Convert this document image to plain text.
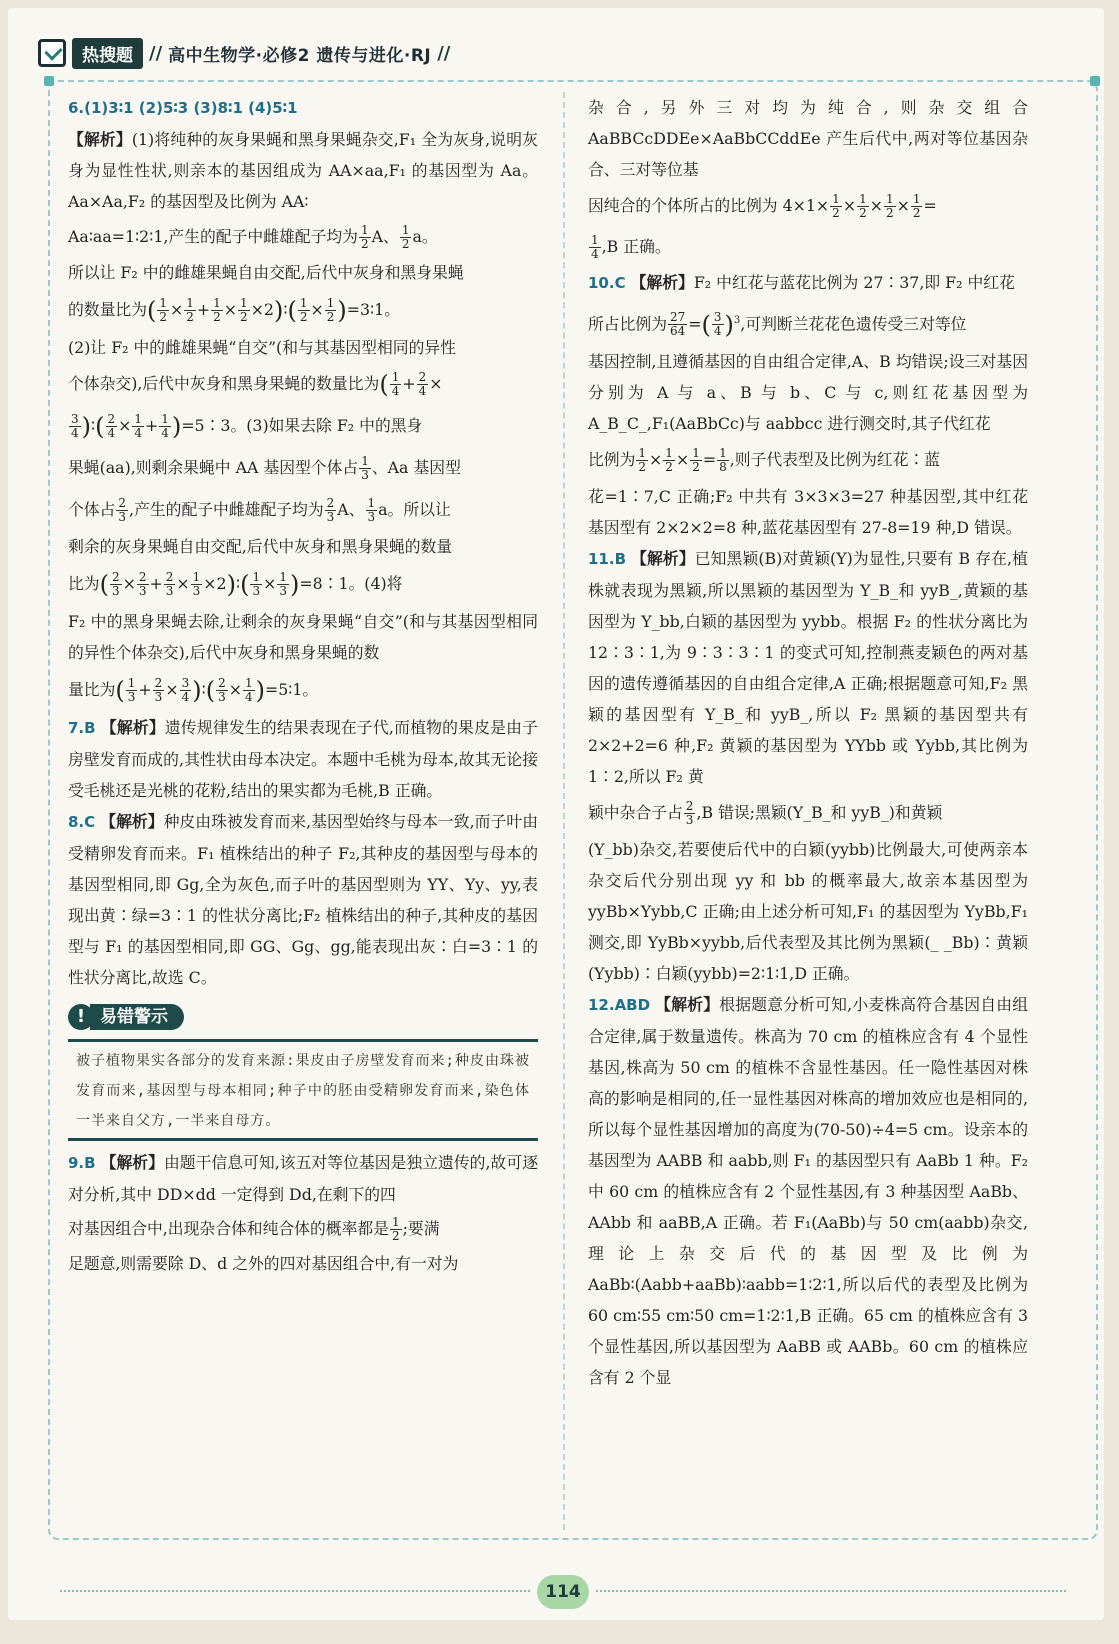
热搜题 // 高中生物学·必修2 遗传与进化·RJ //

6.(1)3∶1 (2)5∶3 (3)8∶1 (4)5∶1

【解析】(1)将纯种的灰身果蝇和黑身果蝇杂交,F₁ 全为灰身,说明灰身为显性性状,则亲本的基因组成为 AA×aa,F₁ 的基因型为 Aa。Aa×Aa,F₂ 的基因型及比例为 AA∶

Aa∶aa=1∶2∶1,产生的配子中雌雄配子均为 $\frac{1}{2}$ A、 $\frac{1}{2}$ a。

所以让 F₂ 中的雌雄果蝇自由交配,后代中灰身和黑身果蝇

的数量比为( $\frac{1}{2} \times \frac{1}{2} + \frac{1}{2} \times \frac{1}{2}$ ×2)∶( $\frac{1}{2} \times \frac{1}{2}$ )=3∶1。

(2)让 F₂ 中的雌雄果蝇“自交”(和与其基因型相同的异性

个体杂交),后代中灰身和黑身果蝇的数量比为( $\frac{1}{4} + \frac{2}{4}$ ×

$\frac{3}{4}$ )∶( $\frac{2}{4} \times \frac{1}{4} + \frac{1}{4}$ )=5∶3。(3)如果去除 F₂ 中的黑身

果蝇(aa),则剩余果蝇中 AA 基因型个体占 $\frac{1}{3}$ 、Aa 基因型

个体占 $\frac{2}{3}$ ,产生的配子中雌雄配子均为 $\frac{2}{3}$ A、 $\frac{1}{3}$ a。所以让

剩余的灰身果蝇自由交配,后代中灰身和黑身果蝇的数量

比为( $\frac{2}{3} \times \frac{2}{3} + \frac{2}{3} \times \frac{1}{3}$ ×2)∶( $\frac{1}{3} \times \frac{1}{3}$ )=8∶1。(4)将

F₂ 中的黑身果蝇去除,让剩余的灰身果蝇“自交”(和与其基因型相同的异性个体杂交),后代中灰身和黑身果蝇的数

量比为( $\frac{1}{3} + \frac{2}{3} \times \frac{3}{4}$ )∶( $\frac{2}{3} \times \frac{1}{4}$ )=5∶1。

7.B 【解析】遗传规律发生的结果表现在子代,而植物的果皮是由子房壁发育而成的,其性状由母本决定。本题中毛桃为母本,故其无论接受毛桃还是光桃的花粉,结出的果实都为毛桃,B 正确。

8.C 【解析】种皮由珠被发育而来,基因型始终与母本一致,而子叶由受精卵发育而来。F₁ 植株结出的种子 F₂,其种皮的基因型与母本的基因型相同,即 Gg,全为灰色,而子叶的基因型则为 YY、Yy、yy,表现出黄∶绿=3∶1 的性状分离比;F₂ 植株结出的种子,其种皮的基因型与 F₁ 的基因型相同,即 GG、Gg、gg,能表现出灰∶白=3∶1 的性状分离比,故选 C。

! 易错警示
被子植物果实各部分的发育来源:果皮由子房壁发育而来;种皮由珠被发育而来,基因型与母本相同;种子中的胚由受精卵发育而来,染色体一半来自父方,一半来自母方。

9.B 【解析】由题干信息可知,该五对等位基因是独立遗传的,故可逐对分析,其中 DD×dd 一定得到 Dd,在剩下的四

对基因组合中,出现杂合体和纯合体的概率都是 $\frac{1}{2}$ ;要满

足题意,则需要除 D、d 之外的四对基因组合中,有一对为

杂合,另外三对均为纯合,则杂交组合 AaBBCcDDEe×AaBbCCddEe 产生后代中,两对等位基因杂合、三对等位基

因纯合的个体所占的比例为 $4\times 1\times \frac{1}{2} \times \frac{1}{2} \times \frac{1}{2} \times \frac{1}{2}$ =

$\frac{1}{4} ,B$ 正确。

10.C 【解析】F₂ 中红花与蓝花比例为 27∶37,即 F₂ 中红花

所占比例为 $\frac{27}{64}$ =( $\frac{3}{4} )^3$,可判断兰花花色遗传受三对等位

基因控制,且遵循基因的自由组合定律,A、B 均错误;设三对基因分别为 A 与 a、B 与 b、C 与 c,则红花基因型为 A_B_C_,F₁(AaBbCc)与 aabbcc 进行测交时,其子代红花

比例为 $\frac{1}{2} \times \frac{1}{2} \times \frac{1}{2} = \frac{1}{8}$ ,则子代表型及比例为红花∶蓝

花=1∶7,C 正确;F₂ 中共有 3×3×3=27 种基因型,其中红花基因型有 2×2×2=8 种,蓝花基因型有 27-8=19 种,D 错误。

11.B 【解析】已知黑颖(B)对黄颖(Y)为显性,只要有 B 存在,植株就表现为黑颖,所以黑颖的基因型为 Y_B_和 yyB_,黄颖的基因型为 Y_bb,白颖的基因型为 yybb。根据 F₂ 的性状分离比为 12∶3∶1,为 9∶3∶3∶1 的变式可知,控制燕麦颖色的两对基因的遗传遵循基因的自由组合定律,A 正确;根据题意可知,F₂ 黑颖的基因型有 Y_B_和 yyB_,所以 F₂ 黑颖的基因型共有 2×2+2=6 种,F₂ 黄颖的基因型为 YYbb 或 Yybb,其比例为 1∶2,所以 F₂ 黄

颖中杂合子占 $\frac{2}{3} ,B$ 错误;黑颖(Y_B_和 yyB_)和黄颖

(Y_bb)杂交,若要使后代中的白颖(yybb)比例最大,可使两亲本杂交后代分别出现 yy 和 bb 的概率最大,故亲本基因型为 yyBb×Yybb,C 正确;由上述分析可知,F₁ 的基因型为 YyBb,F₁ 测交,即 YyBb×yybb,后代表型及其比例为黑颖(_ _Bb)∶黄颖(Yybb)∶白颖(yybb)=2∶1∶1,D 正确。

12.ABD 【解析】根据题意分析可知,小麦株高符合基因自由组合定律,属于数量遗传。株高为 70 cm 的植株应含有 4 个显性基因,株高为 50 cm 的植株不含显性基因。任一隐性基因对株高的影响是相同的,任一显性基因对株高的增加效应也是相同的,所以每个显性基因增加的高度为(70-50)÷4=5 cm。设亲本的基因型为 AABB 和 aabb,则 F₁ 的基因型只有 AaBb 1 种。F₂ 中 60 cm 的植株应含有 2 个显性基因,有 3 种基因型 AaBb、AAbb 和 aaBB,A 正确。若 F₁(AaBb)与 50 cm(aabb)杂交,理论上杂交后代的基因型及比例为 AaBb∶(Aabb+aaBb)∶aabb=1∶2∶1,所以后代的表型及比例为 60 cm∶55 cm∶50 cm=1∶2∶1,B 正确。65 cm 的植株应含有 3 个显性基因,所以基因型为 AaBB 或 AABb。60 cm 的植株应含有 2 个显

114
